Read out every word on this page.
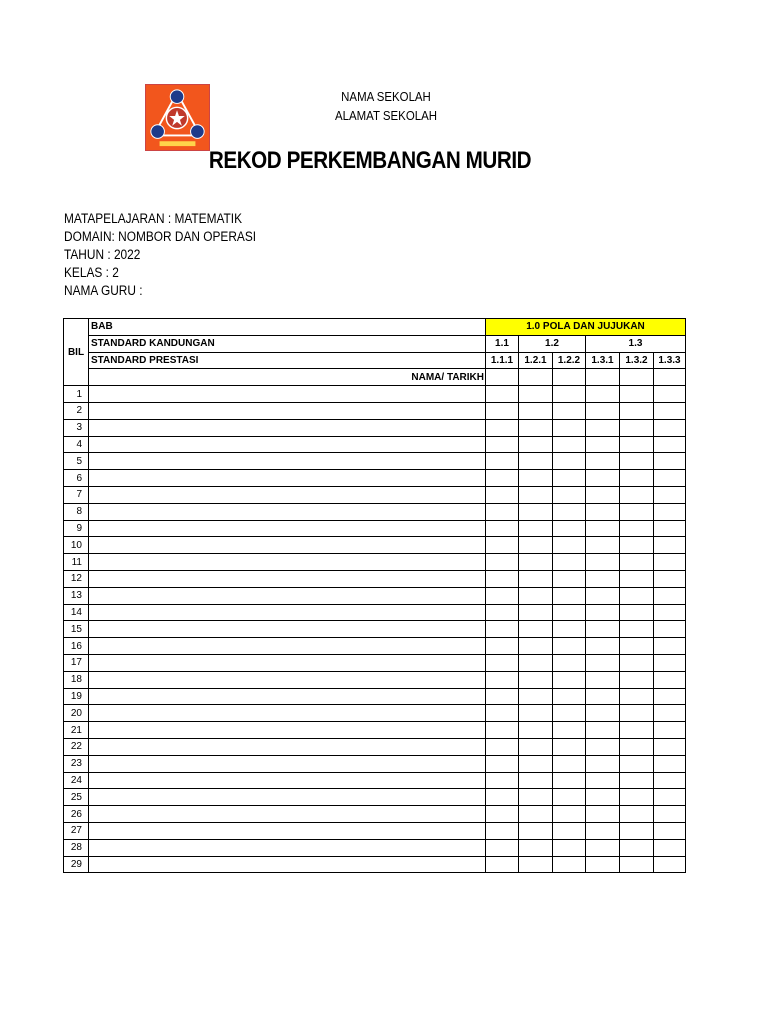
NAMA SEKOLAH
ALAMAT SEKOLAH
REKOD PERKEMBANGAN MURID
MATAPELAJARAN : MATEMATIK
DOMAIN: NOMBOR DAN OPERASI
TAHUN : 2022
KELAS : 2
NAMA GURU :
BIL	BAB	1.0 POLA DAN JUJUKAN					
	STANDARD KANDUNGAN	1.1	1.2		1.3		
	STANDARD PRESTASI	1.1.1	1.2.1	1.2.2	1.3.1	1.3.2	1.3.3
	NAMA/ TARIKH						
1							
2							
3							
4							
5							
6							
7							
8							
9							
10							
11							
12							
13							
14							
15							
16							
17							
18							
19							
20							
21							
22							
23							
24							
25							
26							
27							
28							
29							
